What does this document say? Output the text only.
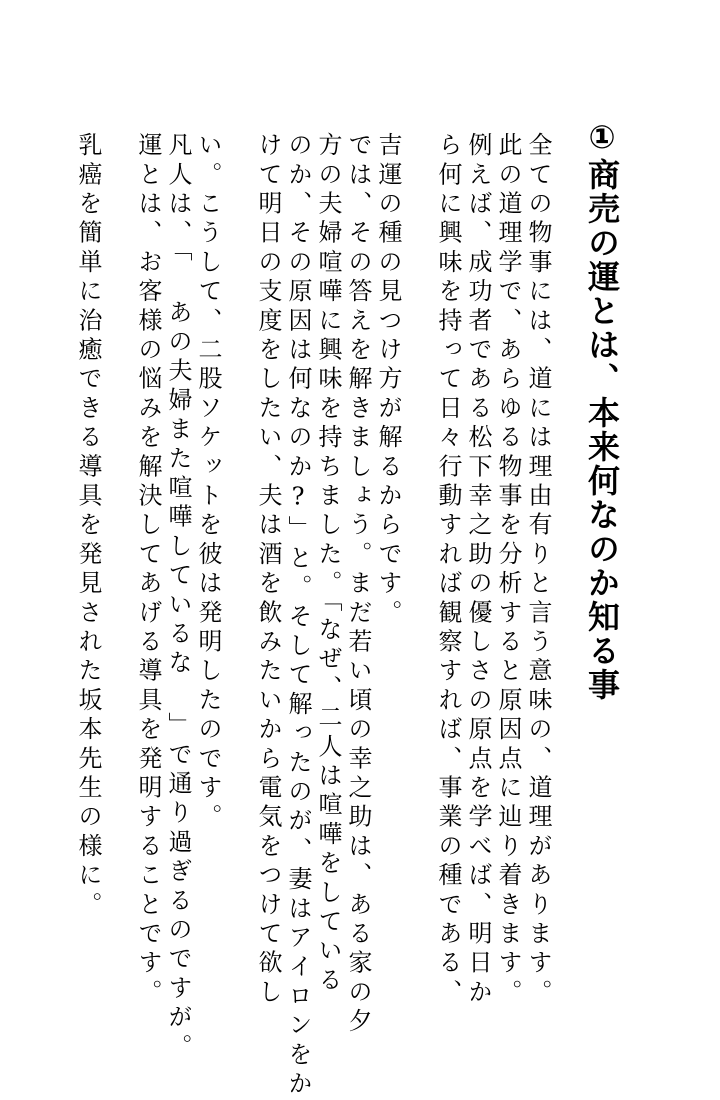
①商売の運とは、本来何なのか知る事
全ての物事には、道には理由有りと言う意味の、道理があります。
此の道理学で、あらゆる物事を分析すると原因点に辿り着きます。
例えば、成功者である松下幸之助の優しさの原点を学べば、明日か
ら何に興味を持って日々行動すれば観察すれば、事業の種である、
吉運の種の見つけ方が解るからです。
では、その答えを解きましょう。まだ若い頃の幸之助は、ある家の夕
方の夫婦喧嘩に興味を持ちました。「なぜ、二人は喧嘩をしている
のか、その原因は何なのか?」と。そして解ったのが、妻はアイロンをか
けて明日の支度をしたい、夫は酒を飲みたいから電気をつけて欲し
い。こうして、二股ソケットを彼は発明したのです。
凡人は、「 あの夫婦また喧嘩しているな 」で通り過ぎるのですが。
運とは、お客様の悩みを解決してあげる導具を発明することです。
乳癌を簡単に治癒できる導具を発見された坂本先生の様に。
